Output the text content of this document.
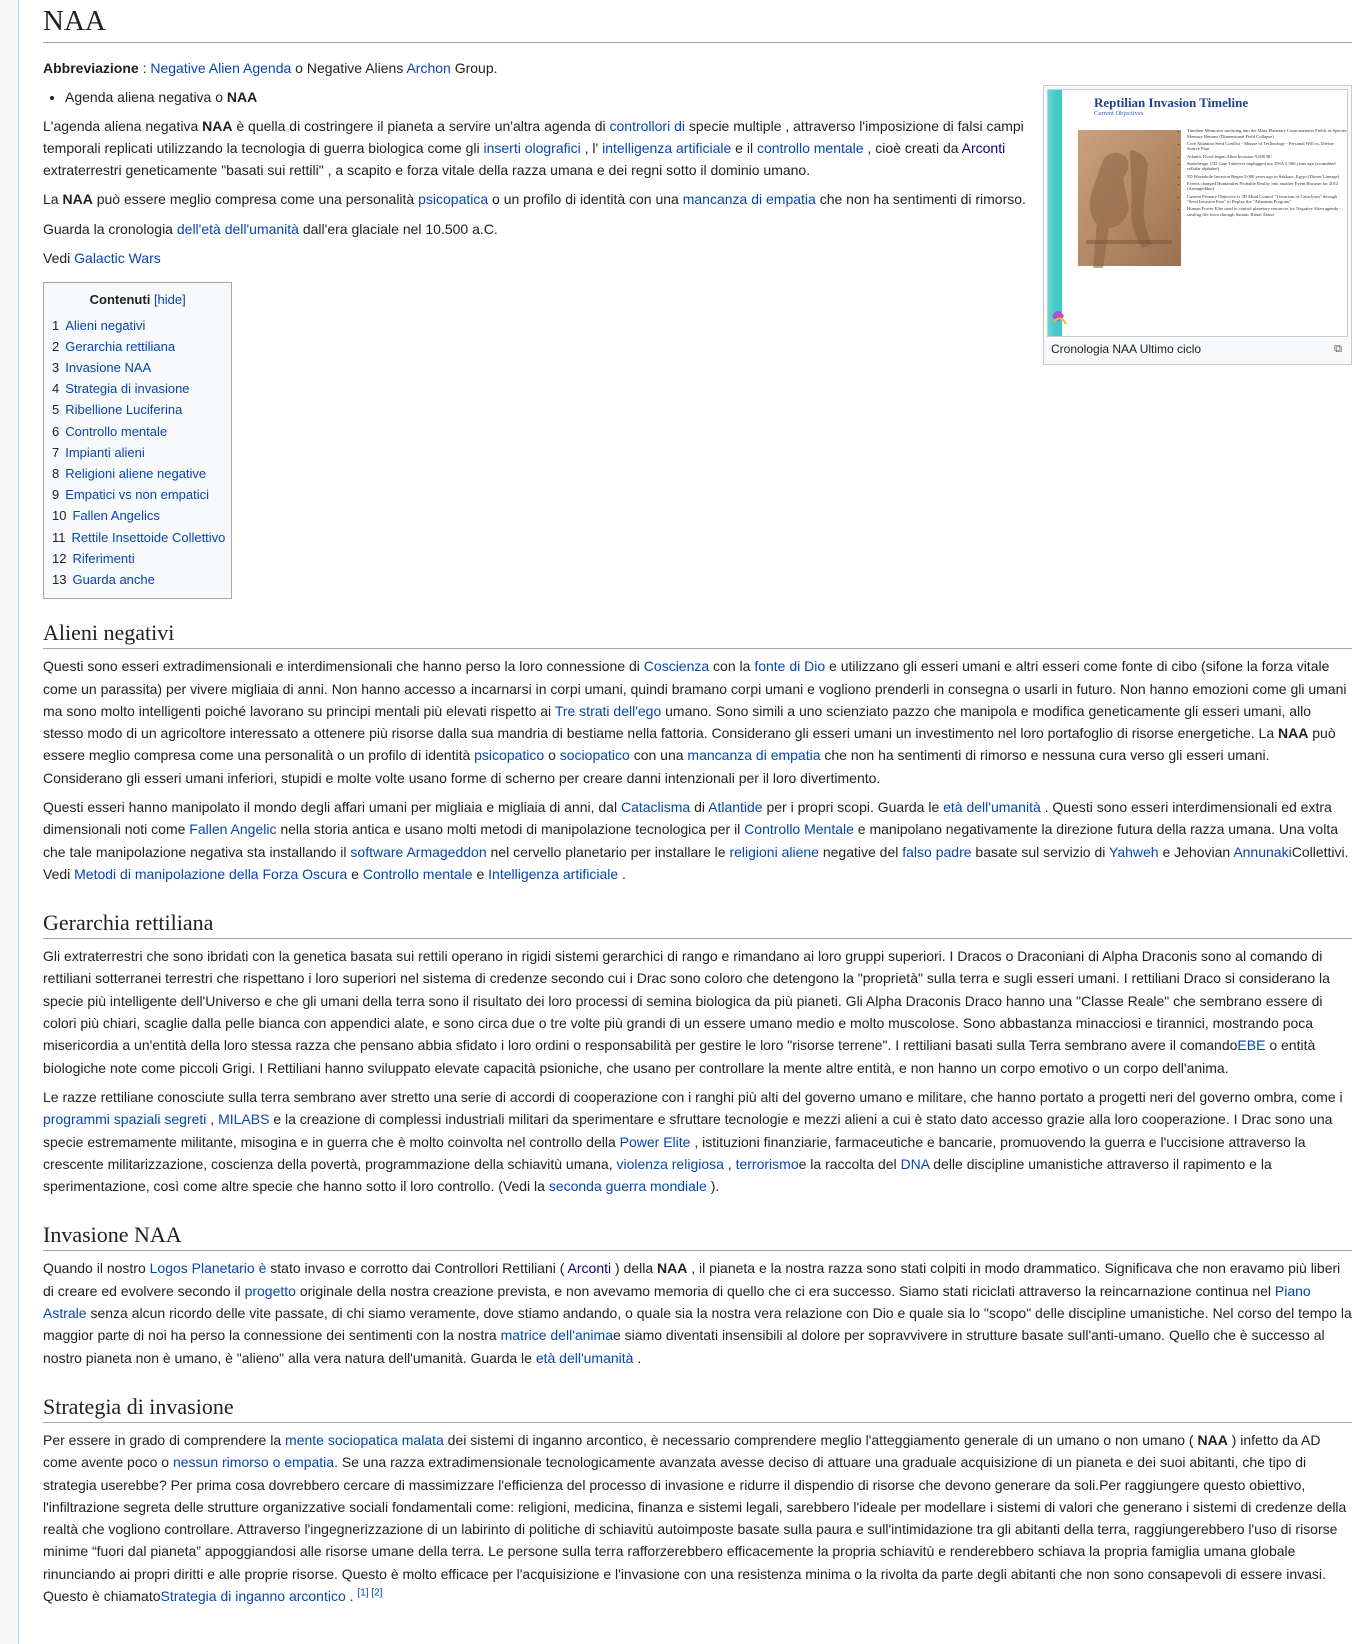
NAA
Reptilian Invasion Timeline
Current Objectives
▪ Timeline Memories surfacing into the Mass Planetary Consciousness Fields as Species Memory Returns (Dimensional Field Collapse)
▪ Core Atlantian Seed Conflict - Misuse of Technology - Personal Will vs. Divine Source Plan
▪ Atlantis Flood began Alien Invasion 9,600 BC
▪ Stonehenge 11D Gate Takeover unplugged our DNA 5,500 years ago (scrambled cellular alphabet)
▪ 5D Wormhole Invasion Began 5,000 years ago in Sakkara, Egypt (Djoser Lineage)
▪ Events changed Humanities Probable Reality into another Event Horizon for 2012 (Armageddon)
▪ Current Primary Objective is 3D Mind Control "Terrorism or Cataclysm" through "Seed Invasion Fear" to Replay the "Atlantean Program"
▪ Human Power Elite used to control planetary resources for Negative Alien agenda - stealing life force through Satanic Ritual Abuse
Cronologia NAA Ultimo ciclo	⧉

Abbreviazione : Negative Alien Agenda o Negative Aliens Archon Group.

• Agenda aliena negativa o NAA

L'agenda aliena negativa NAA è quella di costringere il pianeta a servire un'altra agenda di controllori di specie multiple , attraverso l'imposizione di falsi campi temporali replicati utilizzando la tecnologia di guerra biologica come gli inserti olografici , l' intelligenza artificiale e il controllo mentale , cioè creati da Arconti extraterrestri geneticamente "basati sui rettili" , a scapito e forza vitale della razza umana e dei regni sotto il dominio umano.

La NAA può essere meglio compresa come una personalità psicopatica o un profilo di identità con una mancanza di empatia che non ha sentimenti di rimorso.

Guarda la cronologia dell'età dell'umanità dall'era glaciale nel 10.500 a.C.

Vedi Galactic Wars

Contenuti [hide]
1 Alieni negativi
2 Gerarchia rettiliana
3 Invasione NAA
4 Strategia di invasione
5 Ribellione Luciferina
6 Controllo mentale
7 Impianti alieni
8 Religioni aliene negative
9 Empatici vs non empatici
10 Fallen Angelics
11 Rettile Insettoide Collettivo
12 Riferimenti
13 Guarda anche
Alieni negativi

Questi sono esseri extradimensionali e interdimensionali che hanno perso la loro connessione di Coscienza con la fonte di Dio e utilizzano gli esseri umani e altri esseri come fonte di cibo (sifone la forza vitale come un parassita) per vivere migliaia di anni. Non hanno accesso a incarnarsi in corpi umani, quindi bramano corpi umani e vogliono prenderli in consegna o usarli in futuro. Non hanno emozioni come gli umani ma sono molto intelligenti poiché lavorano su principi mentali più elevati rispetto ai Tre strati dell'ego umano. Sono simili a uno scienziato pazzo che manipola e modifica geneticamente gli esseri umani, allo stesso modo di un agricoltore interessato a ottenere più risorse dalla sua mandria di bestiame nella fattoria. Considerano gli esseri umani un investimento nel loro portafoglio di risorse energetiche. La NAA può essere meglio compresa come una personalità o un profilo di identità psicopatico o sociopatico con una mancanza di empatia che non ha sentimenti di rimorso e nessuna cura verso gli esseri umani. Considerano gli esseri umani inferiori, stupidi e molte volte usano forme di scherno per creare danni intenzionali per il loro divertimento.

Questi esseri hanno manipolato il mondo degli affari umani per migliaia e migliaia di anni, dal Cataclisma di Atlantide per i propri scopi. Guarda le età dell'umanità . Questi sono esseri interdimensionali ed extra dimensionali noti come Fallen Angelic nella storia antica e usano molti metodi di manipolazione tecnologica per il Controllo Mentale e manipolano negativamente la direzione futura della razza umana. Una volta che tale manipolazione negativa sta installando il software Armageddon nel cervello planetario per installare le religioni aliene negative del falso padre basate sul servizio di Yahweh e Jehovian AnnunakiCollettivi. Vedi Metodi di manipolazione della Forza Oscura e Controllo mentale e Intelligenza artificiale .

Gerarchia rettiliana

Gli extraterrestri che sono ibridati con la genetica basata sui rettili operano in rigidi sistemi gerarchici di rango e rimandano ai loro gruppi superiori. I Dracos o Draconiani di Alpha Draconis sono al comando di rettiliani sotterranei terrestri che rispettano i loro superiori nel sistema di credenze secondo cui i Drac sono coloro che detengono la "proprietà" sulla terra e sugli esseri umani. I rettiliani Draco si considerano la specie più intelligente dell'Universo e che gli umani della terra sono il risultato dei loro processi di semina biologica da più pianeti. Gli Alpha Draconis Draco hanno una "Classe Reale" che sembrano essere di colori più chiari, scaglie dalla pelle bianca con appendici alate, e sono circa due o tre volte più grandi di un essere umano medio e molto muscolose. Sono abbastanza minacciosi e tirannici, mostrando poca misericordia a un'entità della loro stessa razza che pensano abbia sfidato i loro ordini o responsabilità per gestire le loro "risorse terrene". I rettiliani basati sulla Terra sembrano avere il comandoEBE o entità biologiche note come piccoli Grigi. I Rettiliani hanno sviluppato elevate capacità psioniche, che usano per controllare la mente altre entità, e non hanno un corpo emotivo o un corpo dell'anima.

Le razze rettiliane conosciute sulla terra sembrano aver stretto una serie di accordi di cooperazione con i ranghi più alti del governo umano e militare, che hanno portato a progetti neri del governo ombra, come i programmi spaziali segreti , MILABS e la creazione di complessi industriali militari da sperimentare e sfruttare tecnologie e mezzi alieni a cui è stato dato accesso grazie alla loro cooperazione. I Drac sono una specie estremamente militante, misogina e in guerra che è molto coinvolta nel controllo della Power Elite , istituzioni finanziarie, farmaceutiche e bancarie, promuovendo la guerra e l'uccisione attraverso la crescente militarizzazione, coscienza della povertà, programmazione della schiavitù umana, violenza religiosa , terrorismoe la raccolta del DNA delle discipline umanistiche attraverso il rapimento e la sperimentazione, così come altre specie che hanno sotto il loro controllo. (Vedi la seconda guerra mondiale ).

Invasione NAA

Quando il nostro Logos Planetario è stato invaso e corrotto dai Controllori Rettiliani ( Arconti ) della NAA , il pianeta e la nostra razza sono stati colpiti in modo drammatico. Significava che non eravamo più liberi di creare ed evolvere secondo il progetto originale della nostra creazione prevista, e non avevamo memoria di quello che ci era successo. Siamo stati riciclati attraverso la reincarnazione continua nel Piano Astrale senza alcun ricordo delle vite passate, di chi siamo veramente, dove stiamo andando, o quale sia la nostra vera relazione con Dio e quale sia lo "scopo" delle discipline umanistiche. Nel corso del tempo la maggior parte di noi ha perso la connessione dei sentimenti con la nostra matrice dell'animae siamo diventati insensibili al dolore per sopravvivere in strutture basate sull'anti-umano. Quello che è successo al nostro pianeta non è umano, è "alieno" alla vera natura dell'umanità. Guarda le età dell'umanità .

Strategia di invasione

Per essere in grado di comprendere la mente sociopatica malata dei sistemi di inganno arcontico, è necessario comprendere meglio l'atteggiamento generale di un umano o non umano ( NAA ) infetto da AD come avente poco o nessun rimorso o empatia. Se una razza extradimensionale tecnologicamente avanzata avesse deciso di attuare una graduale acquisizione di un pianeta e dei suoi abitanti, che tipo di strategia userebbe? Per prima cosa dovrebbero cercare di massimizzare l'efficienza del processo di invasione e ridurre il dispendio di risorse che devono generare da soli.Per raggiungere questo obiettivo, l'infiltrazione segreta delle strutture organizzative sociali fondamentali come: religioni, medicina, finanza e sistemi legali, sarebbero l'ideale per modellare i sistemi di valori che generano i sistemi di credenze della realtà che vogliono controllare. Attraverso l'ingegnerizzazione di un labirinto di politiche di schiavitù autoimposte basate sulla paura e sull'intimidazione tra gli abitanti della terra, raggiungerebbero l'uso di risorse minime “fuori dal pianeta” appoggiandosi alle risorse umane della terra. Le persone sulla terra rafforzerebbero efficacemente la propria schiavitù e renderebbero schiava la propria famiglia umana globale rinunciando ai propri diritti e alle proprie risorse. Questo è molto efficace per l'acquisizione e l'invasione con una resistenza minima o la rivolta da parte degli abitanti che non sono consapevoli di essere invasi. Questo è chiamatoStrategia di inganno arcontico . [1] [2]
